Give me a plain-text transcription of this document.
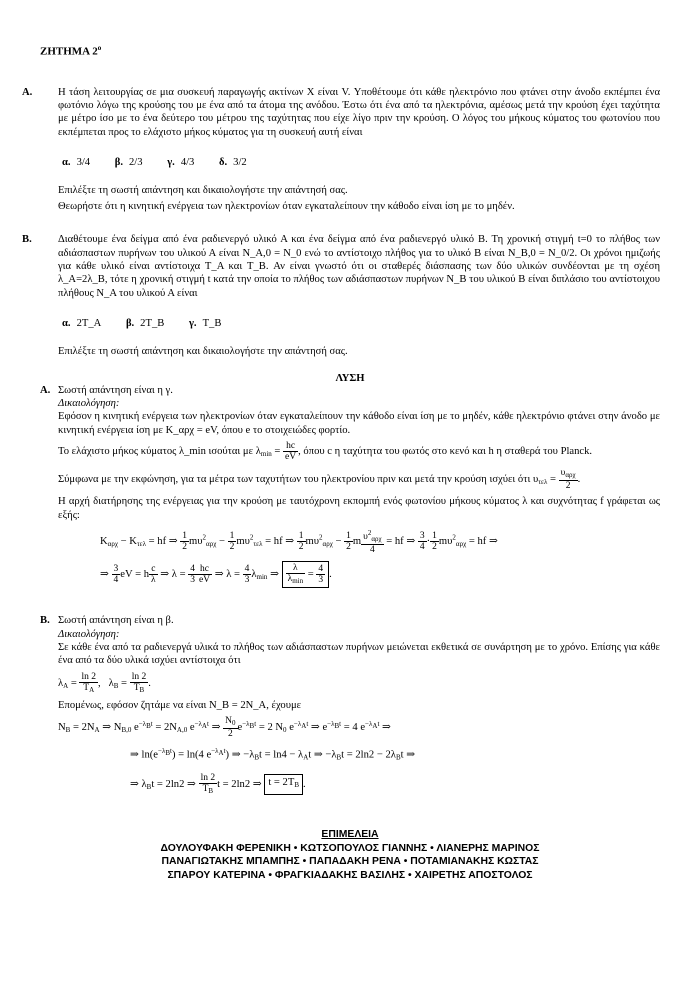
ΖΗΤΗΜΑ $2^o$
Α. Η τάση λειτουργίας σε μια συσκευή παραγωγής ακτίνων Χ είναι V. Υποθέτουμε ότι κάθε ηλεκτρόνιο που φτάνει στην άνοδο εκπέμπει ένα φωτόνιο λόγω της κρούσης του με ένα από τα άτομα της ανόδου. Έστω ότι ένα από τα ηλεκτρόνια, αμέσως μετά την κρούση έχει ταχύτητα με μέτρο ίσο με το ένα δεύτερο του μέτρου της ταχύτητας που είχε λίγο πριν την κρούση. Ο λόγος του μήκους κύματος του φωτονίου που εκπέμπεται προς το ελάχιστο μήκος κύματος για τη συσκευή αυτή είναι
α. 3/4 β. 2/3 γ. 4/3 δ. 3/2
Επιλέξτε τη σωστή απάντηση και δικαιολογήστε την απάντησή σας.
Θεωρήστε ότι η κινητική ενέργεια των ηλεκτρονίων όταν εγκαταλείπουν την κάθοδο είναι ίση με το μηδέν.
Β. Διαθέτουμε ένα δείγμα από ένα ραδιενεργό υλικό Α και ένα δείγμα από ένα ραδιενεργό υλικό Β. Τη χρονική στιγμή t=0 το πλήθος των αδιάσπαστων πυρήνων του υλικού Α είναι N_A,0 = N_0 ενώ το αντίστοιχο πλήθος για το υλικό Β είναι N_B,0 = N_0/2. Οι χρόνοι ημιζωής για κάθε υλικό είναι αντίστοιχα T_A και T_B. Αν είναι γνωστό ότι οι σταθερές διάσπασης των δύο υλικών συνδέονται με τη σχέση λ_A=2λ_B, τότε η χρονική στιγμή t κατά την οποία το πλήθος των αδιάσπαστων πυρήνων N_B του υλικού Β είναι διπλάσιο του αντίστοιχου πλήθους N_A του υλικού Α είναι
α. 2T_A β. 2T_B γ. T_B
Επιλέξτε τη σωστή απάντηση και δικαιολογήστε την απάντησή σας.
ΛΥΣΗ
Α. Σωστή απάντηση είναι η γ.
Δικαιολόγηση:
Εφόσον η κινητική ενέργεια των ηλεκτρονίων όταν εγκαταλείπουν την κάθοδο είναι ίση με το μηδέν, κάθε ηλεκτρόνιο φτάνει στην άνοδο με κινητική ενέργεια ίση με K_αρχ = eV, όπου e το στοιχειώδες φορτίο.
Το ελάχιστο μήκος κύματος λ_min ισούται με $\lambda_{min} = \frac{hc}{eV}$ , όπου c η ταχύτητα του φωτός στο κενό και h η σταθερά του Planck.
Σύμφωνα με την εκφώνηση, για τα μέτρα των ταχυτήτων του ηλεκτρονίου πριν και μετά την κρούση ισχύει ότι $\upsilon_{\tau\varepsilon\lambda} = \frac{\upsilon_{\alpha\rho\chi}}{2}$ .
Η αρχή διατήρησης της ενέργειας για την κρούση με ταυτόχρονη εκπομπή ενός φωτονίου μήκους κύματος λ και συχνότητας f γράφεται ως εξής:
$K_{\alpha\rho\chi} - K_{\tau\varepsilon\lambda}$ = hf ⇒ $\frac{1}{2} m\upsilon^2_{\alpha\rho\chi} - \frac{1}{2} m\upsilon^2_{\tau\varepsilon\lambda}$ = hf ⇒ $\frac{1}{2} m\upsilon^2_{\alpha\rho\chi} - \frac{1}{2}$ m $\frac{\upsilon^2_{\alpha\rho\chi}}{4}$ = hf ⇒ $\frac{3}{4} \cdot \frac{1}{2} m\upsilon^2_{\alpha\rho\chi}$ = hf ⇒
⇒ $\frac{3}{4}$ eV = h $\frac{c}{\lambda}$ ⇒ $\lambda = \frac{4}{3} \frac{hc}{eV}$ ⇒ $\lambda = \frac{4}{3} \lambda_{min}$ ⇒ $\frac{\lambda}{\lambda_{min}} = \frac{4}{3}$ .
Β. Σωστή απάντηση είναι η β.
Δικαιολόγηση:
Σε κάθε ένα από τα ραδιενεργά υλικά το πλήθος των αδιάσπαστων πυρήνων μειώνεται εκθετικά σε συνάρτηση με το χρόνο. Επίσης για κάθε ένα από τα δύο υλικά ισχύει αντίστοιχα ότι
$\lambda_A = \frac{\ln 2}{T_A}$ ,   $\lambda_B = \frac{\ln 2}{T_B}$ .
Επομένως, εφόσον ζητάμε να είναι N_B = 2N_A, έχουμε
$N_B = 2N_A$ ⇒ $N_{B,0}$ $e^{-\lambda_Bt} = 2N_{A,0}$ $e^{-\lambda_At}$ ⇒ $\frac{N_0}{2} e^{-\lambda_Bt} = 2$ $N_0$ $e^{-\lambda_At}$ ⇒ $e^{-\lambda_Bt} = 4$ $e^{-\lambda_At}$ ⇒
⇒ $\ln(e^{-\lambda_Bt}) = \ln(4$ $e^{-\lambda_At}$) ⇒ $-\lambda_Bt = \ln 4 - \lambda_At$ ⇒ $-\lambda_Bt = 2\ln 2 - 2\lambda_Bt$ ⇒
⇒ $\lambda_Bt = 2\ln 2$ ⇒ $\frac{\ln 2}{T_B}$ t = 2ln2 ⇒ $t = 2T_B$ .
ΕΠΙΜΕΛΕΙΑ
ΔΟΥΛΟΥΦΑΚΗ ΦΕΡΕΝΙΚΗ • ΚΩΤΣΟΠΟΥΛΟΣ ΓΙΑΝΝΗΣ • ΛΙΑΝΕΡΗΣ ΜΑΡΙΝΟΣ
ΠΑΝΑΓΙΩΤΑΚΗΣ ΜΠΑΜΠΗΣ • ΠΑΠΑΔΑΚΗ ΡΕΝΑ • ΠΟΤΑΜΙΑΝΑΚΗΣ ΚΩΣΤΑΣ
ΣΠΑΡΟΥ ΚΑΤΕΡΙΝΑ • ΦΡΑΓΚΙΑΔΑΚΗΣ ΒΑΣΙΛΗΣ • ΧΑΙΡΕΤΗΣ ΑΠΟΣΤΟΛΟΣ
